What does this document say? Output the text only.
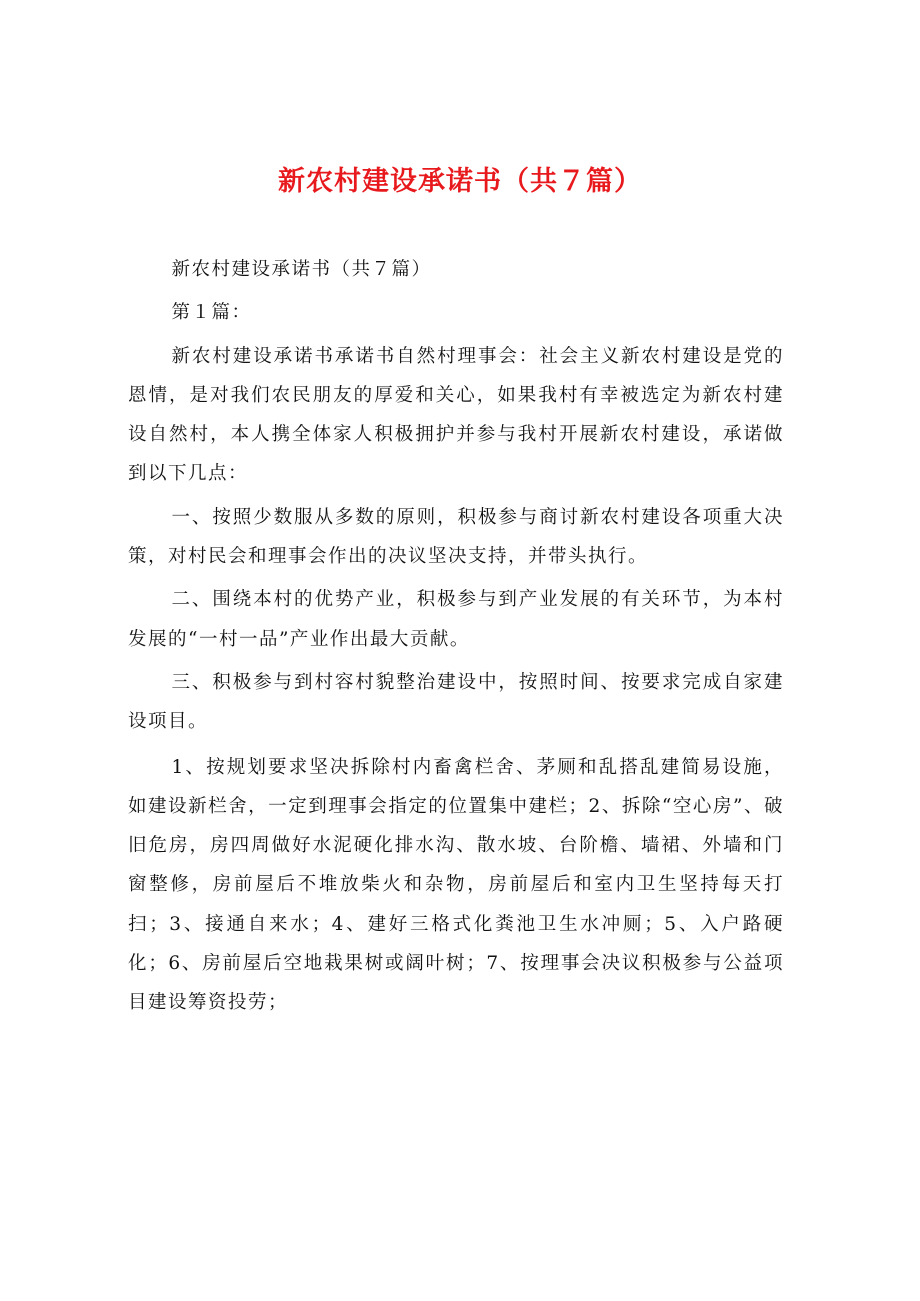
新农村建设承诺书（共７篇）

新农村建设承诺书（共７篇）

第１篇：

新农村建设承诺书承诺书自然村理事会：社会主义新农村建设是党的恩情，是对我们农民朋友的厚爱和关心，如果我村有幸被选定为新农村建设自然村，本人携全体家人积极拥护并参与我村开展新农村建设，承诺做到以下几点：

一、按照少数服从多数的原则，积极参与商讨新农村建设各项重大决策，对村民会和理事会作出的决议坚决支持，并带头执行。

二、围绕本村的优势产业，积极参与到产业发展的有关环节，为本村发展的“一村一品”产业作出最大贡献。

三、积极参与到村容村貌整治建设中，按照时间、按要求完成自家建设项目。

1、按规划要求坚决拆除村内畜禽栏舍、茅厕和乱搭乱建简易设施，如建设新栏舍，一定到理事会指定的位置集中建栏；2、拆除“空心房”、破旧危房，房四周做好水泥硬化排水沟、散水坡、台阶檐、墙裙、外墙和门窗整修，房前屋后不堆放柴火和杂物，房前屋后和室内卫生坚持每天打扫；3、接通自来水；4、建好三格式化粪池卫生水冲厕；5、入户路硬化；6、房前屋后空地栽果树或阔叶树；7、按理事会决议积极参与公益项目建设筹资投劳；
